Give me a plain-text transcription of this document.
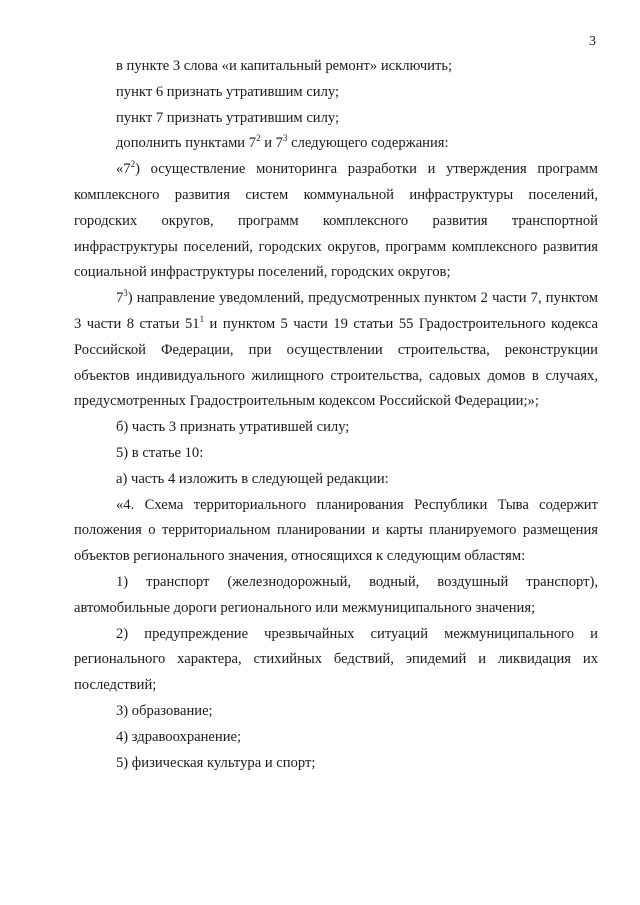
3

в пункте 3 слова «и капитальный ремонт» исключить;

пункт 6 признать утратившим силу;

пункт 7 признать утратившим силу;

дополнить пунктами $7^2$ и $7^3$ следующего содержания:

«$7^2$) осуществление мониторинга разработки и утверждения программ комплексного развития систем коммунальной инфраструктуры поселений, городских округов, программ комплексного развития транспортной инфраструктуры поселений, городских округов, программ комплексного развития социальной инфраструктуры поселений, городских округов;

$7^3$) направление уведомлений, предусмотренных пунктом 2 части 7, пунктом 3 части 8 статьи $51^1$ и пунктом 5 части 19 статьи 55 Градостроительного кодекса Российской Федерации, при осуществлении строительства, реконструкции объектов индивидуального жилищного строительства, садовых домов в случаях, предусмотренных Градостроительным кодексом Российской Федерации;»;

б) часть 3 признать утратившей силу;

5) в статье 10:

а) часть 4 изложить в следующей редакции:

«4. Схема территориального планирования Республики Тыва содержит положения о территориальном планировании и карты планируемого размещения объектов регионального значения, относящихся к следующим областям:

1) транспорт (железнодорожный, водный, воздушный транспорт), автомобильные дороги регионального или межмуниципального значения;

2) предупреждение чрезвычайных ситуаций межмуниципального и регионального характера, стихийных бедствий, эпидемий и ликвидация их последствий;

3) образование;

4) здравоохранение;

5) физическая культура и спорт;
